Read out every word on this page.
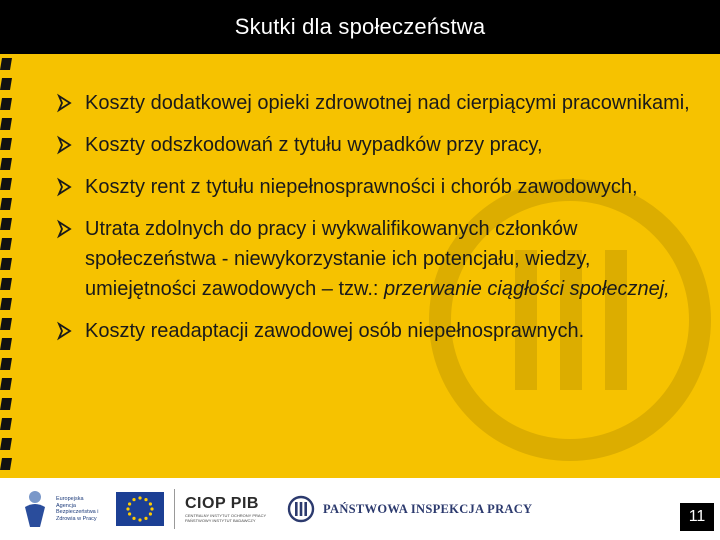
Skutki dla społeczeństwa
Koszty dodatkowej opieki zdrowotnej nad cierpiącymi pracownikami,
Koszty odszkodowań z tytułu wypadków przy pracy,
Koszty rent z tytułu niepełnosprawności i chorób zawodowych,
Utrata zdolnych do pracy i wykwalifikowanych członków społeczeństwa - niewykorzystanie ich potencjału, wiedzy, umiejętności zawodowych – tzw.: przerwanie ciągłości społecznej,
Koszty readaptacji zawodowej osób niepełnosprawnych.
Europejska Agencja Bezpieczeństwa i Zdrowia w Pracy
CIOP PIB
CENTRALNY INSTYTUT OCHRONY PRACY PAŃSTWOWY INSTYTUT BADAWCZY
PAŃSTWOWA INSPEKCJA PRACY	11
